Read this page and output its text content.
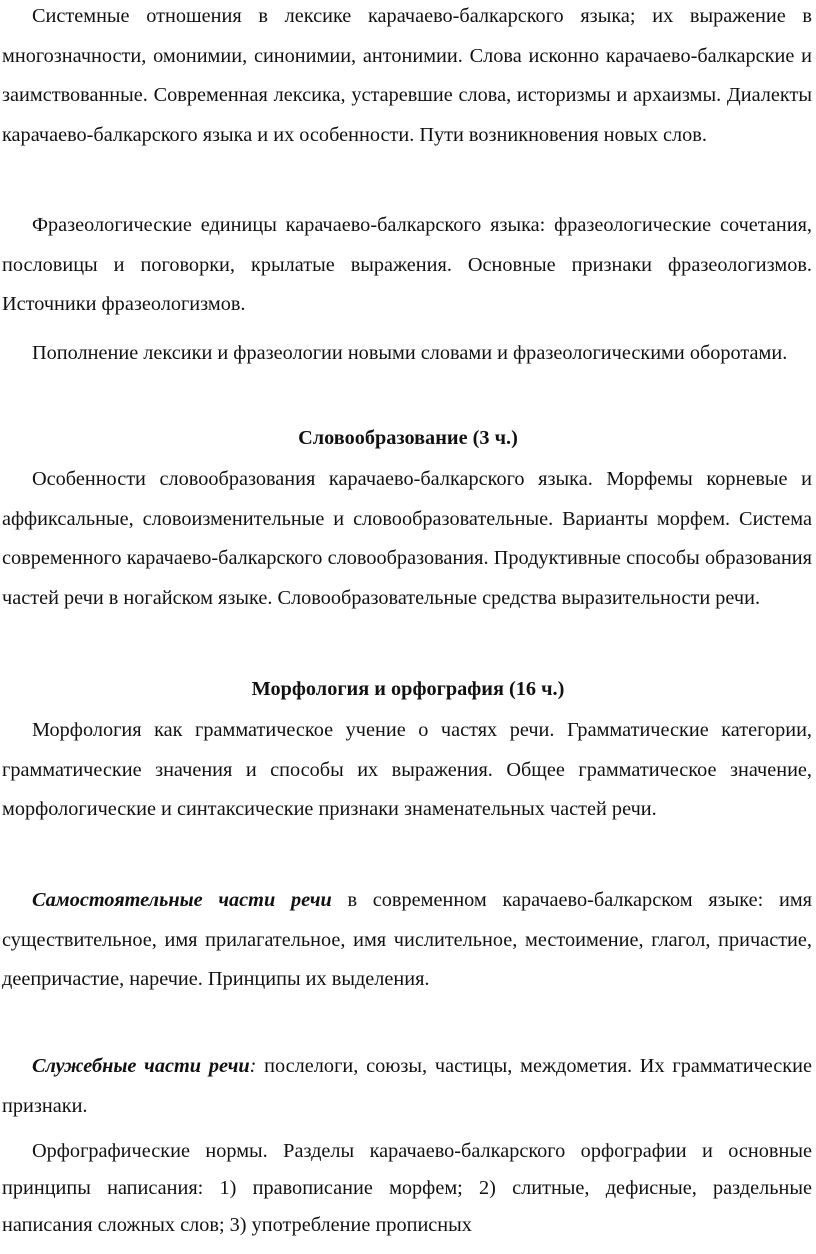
Системные отношения в лексике карачаево-балкарского языка; их выражение в многозначности, омонимии, синонимии, антонимии. Слова исконно карачаево-балкарские и заимствованные. Современная лексика, устаревшие слова, историзмы и архаизмы. Диалекты карачаево-балкарского языка и их особенности. Пути возникновения новых слов.

Фразеологические единицы карачаево-балкарского языка: фразеологические сочетания, пословицы и поговорки, крылатые выражения. Основные признаки фразеологизмов. Источники фразеологизмов.

Пополнение лексики и фразеологии новыми словами и фразеологическими оборотами.

Словообразование (3 ч.)

Особенности словообразования карачаево-балкарского языка. Морфемы корневые и аффиксальные, словоизменительные и словообразовательные. Варианты морфем. Система современного карачаево-балкарского словообразования. Продуктивные способы образования частей речи в ногайском языке. Словообразовательные средства выразительности речи.

Морфология и орфография (16 ч.)

Морфология как грамматическое учение о частях речи. Грамматические категории, грамматические значения и способы их выражения. Общее грамматическое значение, морфологические и синтаксические признаки знаменательных частей речи.

Самостоятельные части речи в современном карачаево-балкарском языке: имя существительное, имя прилагательное, имя числительное, местоимение, глагол, причастие, деепричастие, наречие. Принципы их выделения.

Служебные части речи: послелоги, союзы, частицы, междометия. Их грамматические признаки.

Орфографические нормы. Разделы карачаево-балкарского орфографии и основные принципы написания: 1) правописание морфем; 2) слитные, дефисные, раздельные написания сложных слов; 3) употребление прописных
